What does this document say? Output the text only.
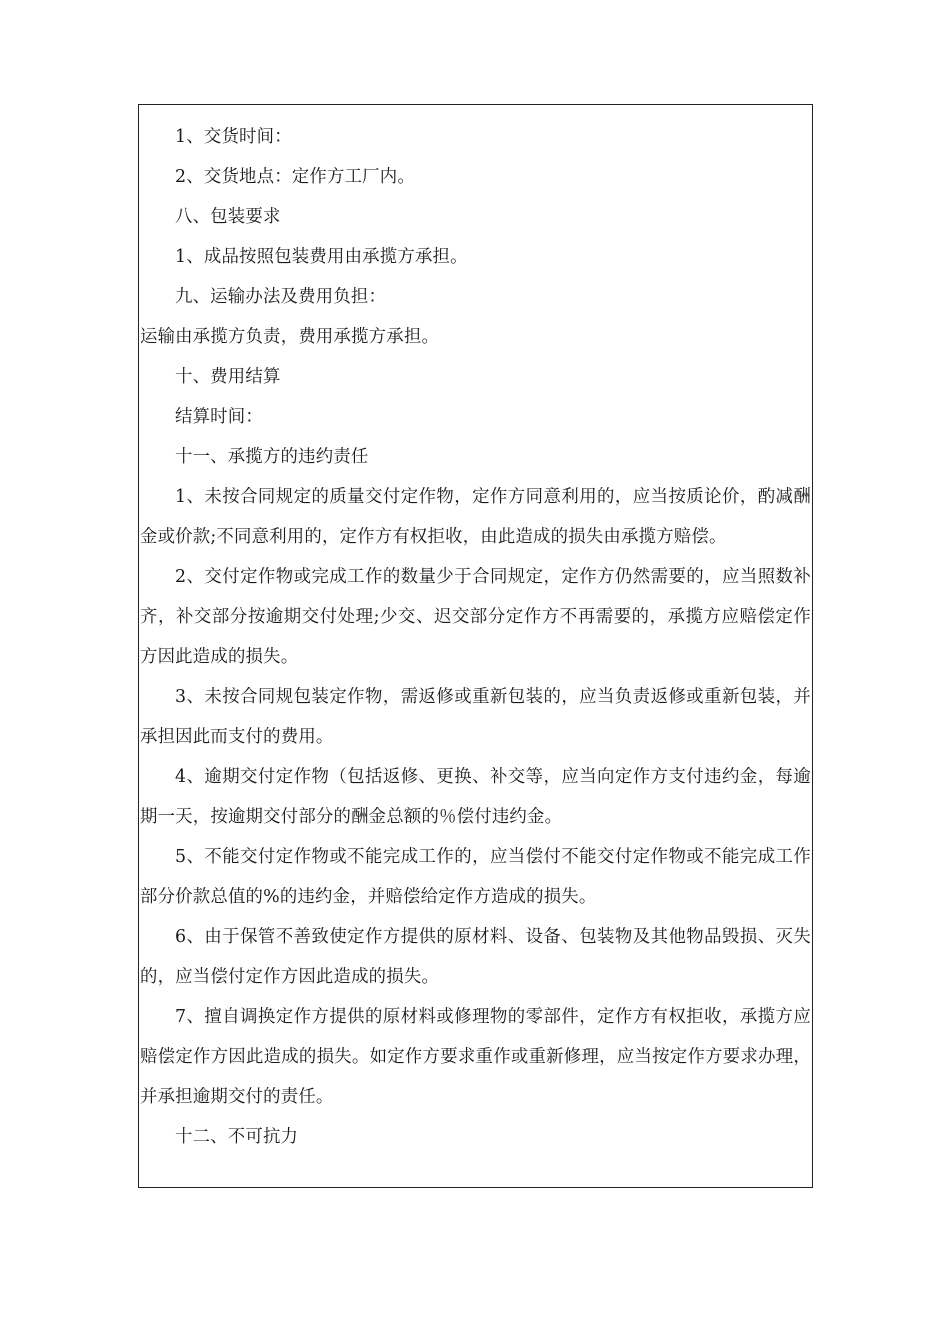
1、交货时间：

2、交货地点：定作方工厂内。

八、包装要求

1、成品按照包装费用由承揽方承担。

九、运输办法及费用负担：

运输由承揽方负责，费用承揽方承担。

十、费用结算

结算时间：

十一、承揽方的违约责任

1、未按合同规定的质量交付定作物，定作方同意利用的，应当按质论价，酌减酬金或价款;不同意利用的，定作方有权拒收，由此造成的损失由承揽方赔偿。

2、交付定作物或完成工作的数量少于合同规定，定作方仍然需要的，应当照数补齐，补交部分按逾期交付处理;少交、迟交部分定作方不再需要的，承揽方应赔偿定作方因此造成的损失。

3、未按合同规包装定作物，需返修或重新包装的，应当负责返修或重新包装，并承担因此而支付的费用。

4、逾期交付定作物（包括返修、更换、补交等，应当向定作方支付违约金，每逾期一天，按逾期交付部分的酬金总额的％偿付违约金。

5、不能交付定作物或不能完成工作的，应当偿付不能交付定作物或不能完成工作部分价款总值的%的违约金，并赔偿给定作方造成的损失。

6、由于保管不善致使定作方提供的原材料、设备、包装物及其他物品毁损、灭失的，应当偿付定作方因此造成的损失。

7、擅自调换定作方提供的原材料或修理物的零部件，定作方有权拒收，承揽方应赔偿定作方因此造成的损失。如定作方要求重作或重新修理，应当按定作方要求办理，并承担逾期交付的责任。

十二、不可抗力
